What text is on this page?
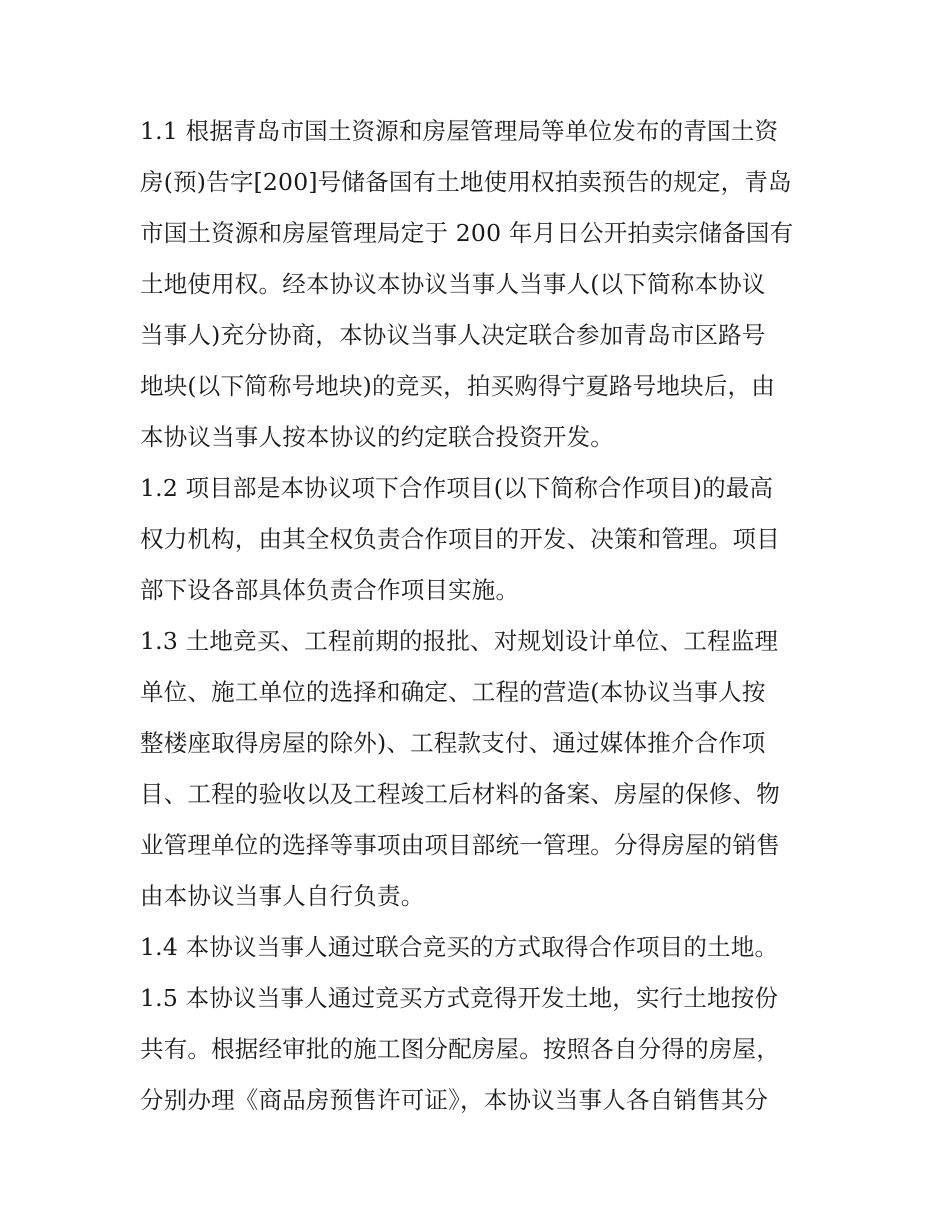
1.1 根据青岛市国土资源和房屋管理局等单位发布的青国土资
房(预)告字[200]号储备国有土地使用权拍卖预告的规定，青岛
市国土资源和房屋管理局定于 200 年月日公开拍卖宗储备国有
土地使用权。经本协议本协议当事人当事人(以下简称本协议
当事人)充分协商，本协议当事人决定联合参加青岛市区路号
地块(以下简称号地块)的竞买，拍买购得宁夏路号地块后，由
本协议当事人按本协议的约定联合投资开发。
1.2 项目部是本协议项下合作项目(以下简称合作项目)的最高
权力机构，由其全权负责合作项目的开发、决策和管理。项目
部下设各部具体负责合作项目实施。
1.3 土地竞买、工程前期的报批、对规划设计单位、工程监理
单位、施工单位的选择和确定、工程的营造(本协议当事人按
整楼座取得房屋的除外)、工程款支付、通过媒体推介合作项
目、工程的验收以及工程竣工后材料的备案、房屋的保修、物
业管理单位的选择等事项由项目部统一管理。分得房屋的销售
由本协议当事人自行负责。
1.4 本协议当事人通过联合竞买的方式取得合作项目的土地。
1.5 本协议当事人通过竞买方式竞得开发土地，实行土地按份
共有。根据经审批的施工图分配房屋。按照各自分得的房屋，
分别办理《商品房预售许可证》，本协议当事人各自销售其分
